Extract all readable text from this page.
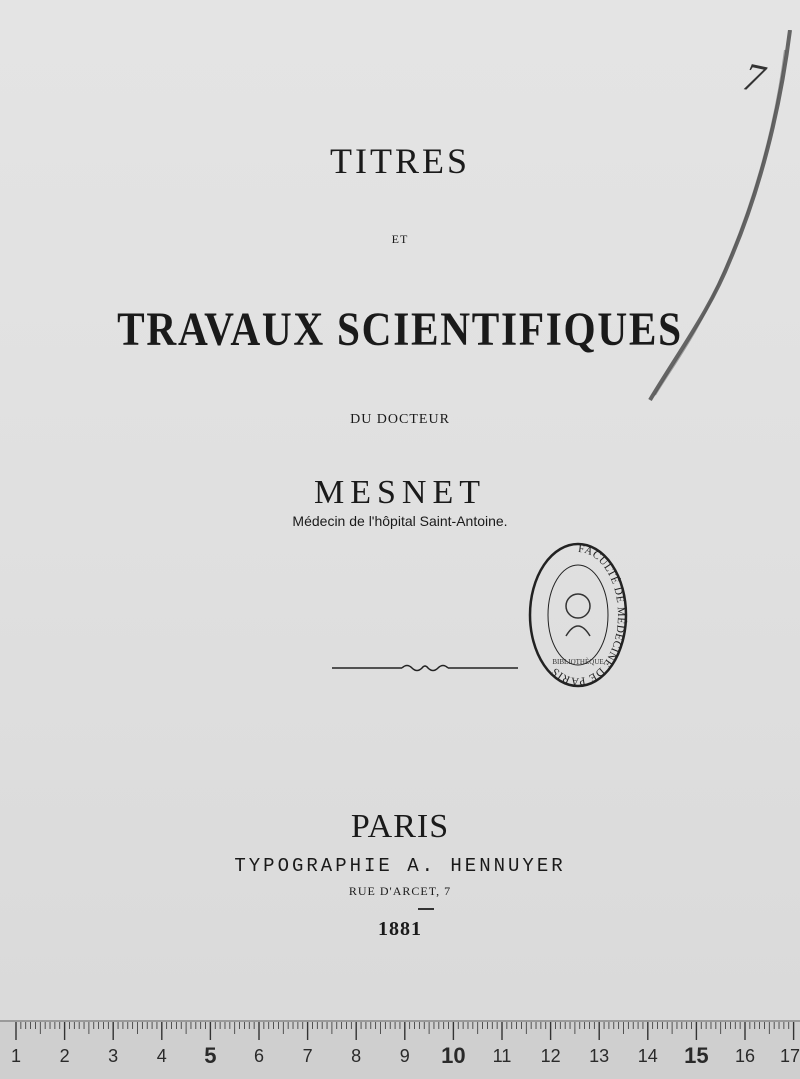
7
TITRES
ET
TRAVAUX SCIENTIFIQUES
DU DOCTEUR
MESNET
Médecin de l'hôpital Saint-Antoine.
FACULTÉ DE MÉDECINE DE PARIS
BIBLIOTHÈQUE
PARIS
TYPOGRAPHIE A. HENNUYER
RUE D'ARCET, 7
1881
1 2 3 4 5 6 7 8 9 10 11 12 13 14 15 16 17
